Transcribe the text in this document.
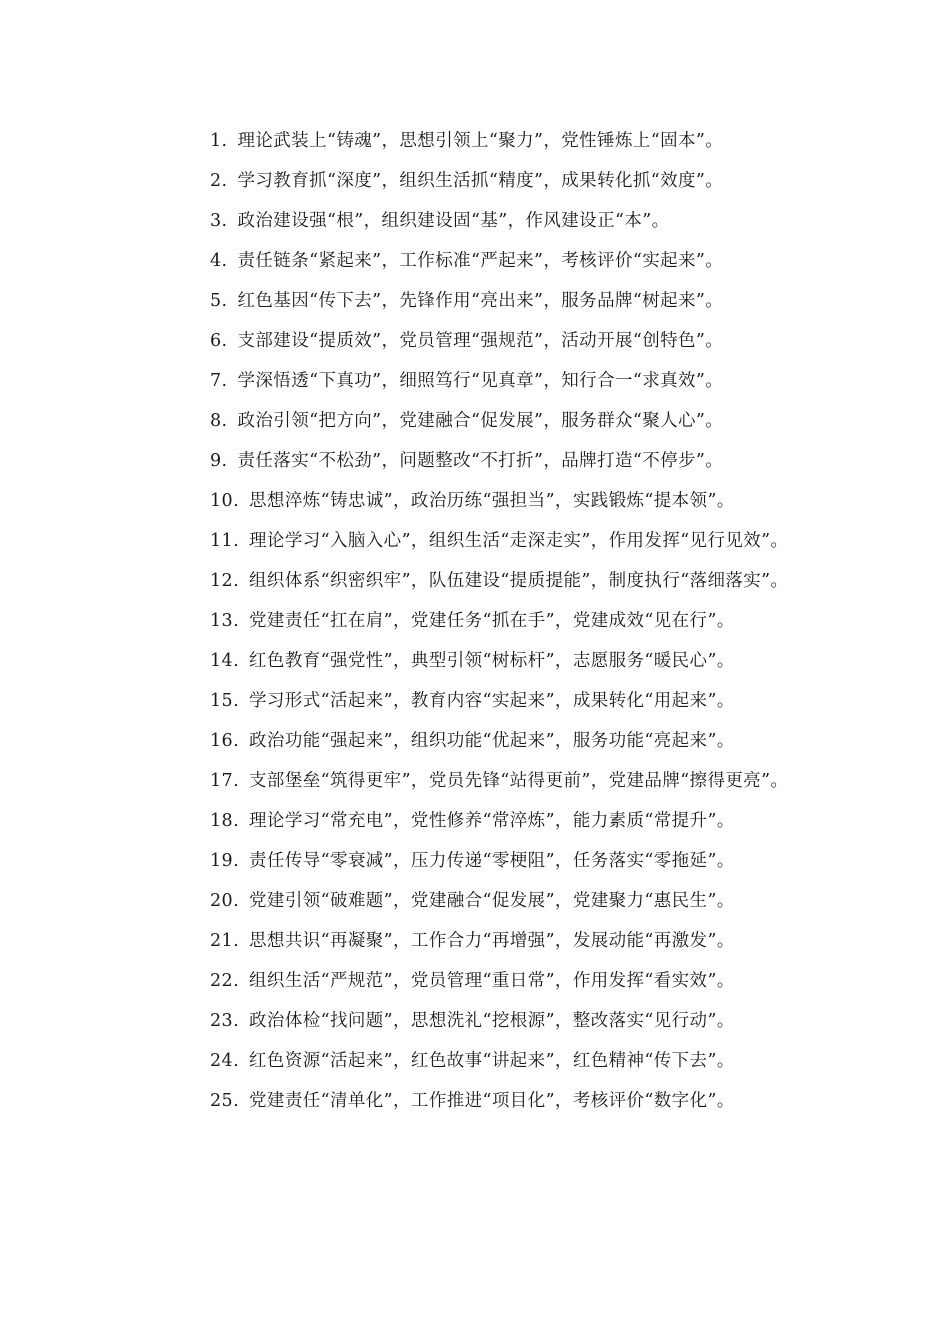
1. 理论武装上“铸魂”，思想引领上“聚力”，党性锤炼上“固本”。

2. 学习教育抓“深度”，组织生活抓“精度”，成果转化抓“效度”。

3. 政治建设强“根”，组织建设固“基”，作风建设正“本”。

4. 责任链条“紧起来”，工作标准“严起来”，考核评价“实起来”。

5. 红色基因“传下去”，先锋作用“亮出来”，服务品牌“树起来”。

6. 支部建设“提质效”，党员管理“强规范”，活动开展“创特色”。

7. 学深悟透“下真功”，细照笃行“见真章”，知行合一“求真效”。

8. 政治引领“把方向”，党建融合“促发展”，服务群众“聚人心”。

9. 责任落实“不松劲”，问题整改“不打折”，品牌打造“不停步”。

10. 思想淬炼“铸忠诚”，政治历练“强担当”，实践锻炼“提本领”。

11. 理论学习“入脑入心”，组织生活“走深走实”，作用发挥“见行见效”。

12. 组织体系“织密织牢”，队伍建设“提质提能”，制度执行“落细落实”。

13. 党建责任“扛在肩”，党建任务“抓在手”，党建成效“见在行”。

14. 红色教育“强党性”，典型引领“树标杆”，志愿服务“暖民心”。

15. 学习形式“活起来”，教育内容“实起来”，成果转化“用起来”。

16. 政治功能“强起来”，组织功能“优起来”，服务功能“亮起来”。

17. 支部堡垒“筑得更牢”，党员先锋“站得更前”，党建品牌“擦得更亮”。

18. 理论学习“常充电”，党性修养“常淬炼”，能力素质“常提升”。

19. 责任传导“零衰减”，压力传递“零梗阻”，任务落实“零拖延”。

20. 党建引领“破难题”，党建融合“促发展”，党建聚力“惠民生”。

21. 思想共识“再凝聚”，工作合力“再增强”，发展动能“再激发”。

22. 组织生活“严规范”，党员管理“重日常”，作用发挥“看实效”。

23. 政治体检“找问题”，思想洗礼“挖根源”，整改落实“见行动”。

24. 红色资源“活起来”，红色故事“讲起来”，红色精神“传下去”。

25. 党建责任“清单化”，工作推进“项目化”，考核评价“数字化”。
